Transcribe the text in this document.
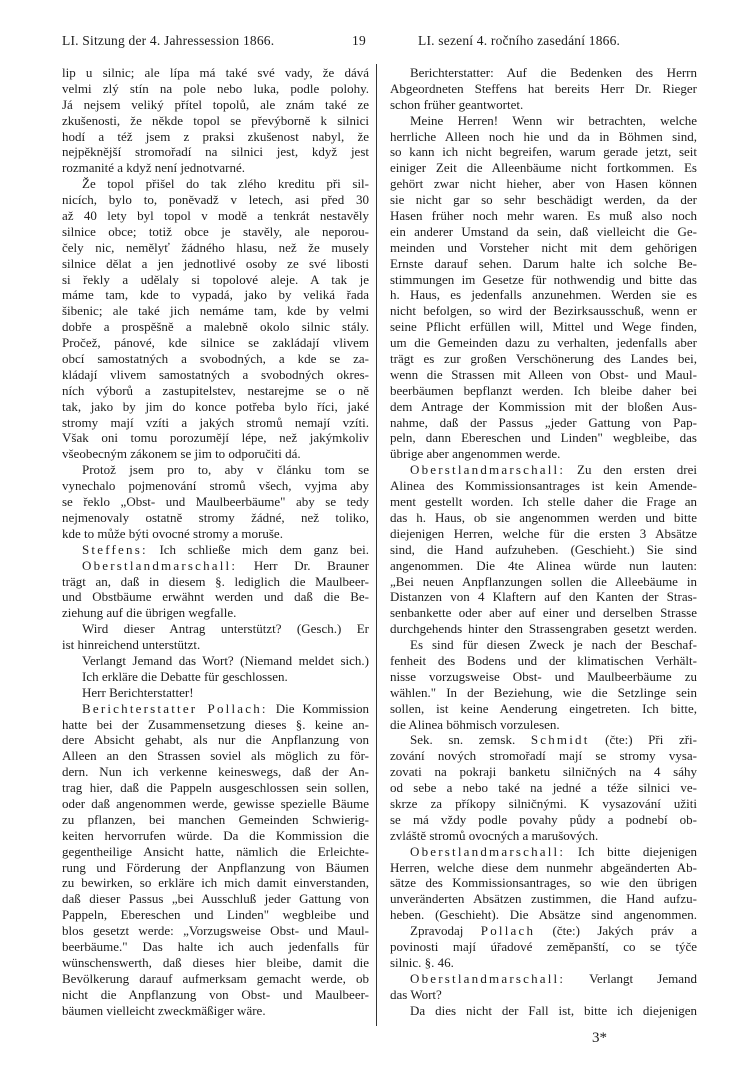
LI. Sitzung der 4. Jahressession 1866.	19	LI. sezení 4. ročního zasedání 1866.
lip u silnic; ale lípa má také své vady, že dává
velmi zlý stín na pole nebo luka, podle polohy.
Já nejsem veliký přítel topolů, ale znám také ze
zkušenosti, že někde topol se převýborně k silnici
hodí a též jsem z praksi zkušenost nabyl, že
nejpěknější stromořadí na silnici jest, když jest
rozmanité a když není jednotvarné.
Že topol přišel do tak zlého kreditu při sil-
nicích, bylo to, poněvadž v letech, asi před 30
až 40 lety byl topol v modě a tenkrát nestavěly
silnice obce; totiž obce je stavěly, ale neporou-
čely nic, nemělyť žádného hlasu, než že musely
silnice dělat a jen jednotlivé osoby ze své libosti
si řekly a udělaly si topolové aleje. A tak je
máme tam, kde to vypadá, jako by veliká řada
šibenic; ale také jich nemáme tam, kde by velmi
dobře a prospěšně a malebně okolo silnic stály.
Pročež, pánové, kde silnice se zakládají vlivem
obcí samostatných a svobodných, a kde se za-
kládají vlivem samostatných a svobodných okres-
ních výborů a zastupitelstev, nestarejme se o ně
tak, jako by jim do konce potřeba bylo říci, jaké
stromy mají vzíti a jakých stromů nemají vzíti.
Však oni tomu porozumějí lépe, než jakýmkoliv
všeobecným zákonem se jim to odporučiti dá.
Protož jsem pro to, aby v článku tom se
vynechalo pojmenování stromů všech, vyjma aby
se řeklo „Obst- und Maulbeerbäume" aby se tedy
nejmenovaly ostatně stromy žádné, než toliko,
kde to může býti ovocné stromy a moruše.
Steffens: Ich schließe mich dem ganz bei.
Oberstlandmarschall: Herr Dr. Brauner
trägt an, daß in diesem §. lediglich die Maulbeer-
und Obstbäume erwähnt werden und daß die Be-
ziehung auf die übrigen wegfalle.
Wird dieser Antrag unterstützt? (Gesch.) Er
ist hinreichend unterstützt.
Verlangt Jemand das Wort? (Niemand meldet sich.)
Ich erkläre die Debatte für geschlossen.
Herr Berichterstatter!
Berichterstatter Pollach: Die Kommission
hatte bei der Zusammensetzung dieses §. keine an-
dere Absicht gehabt, als nur die Anpflanzung von
Alleen an den Strassen soviel als möglich zu för-
dern. Nun ich verkenne keineswegs, daß der An-
trag hier, daß die Pappeln ausgeschlossen sein sollen,
oder daß angenommen werde, gewisse spezielle Bäume
zu pflanzen, bei manchen Gemeinden Schwierig-
keiten hervorrufen würde. Da die Kommission die
gegentheilige Ansicht hatte, nämlich die Erleichte-
rung und Förderung der Anpflanzung von Bäumen
zu bewirken, so erkläre ich mich damit einverstanden,
daß dieser Passus „bei Ausschluß jeder Gattung von
Pappeln, Ebereschen und Linden" wegbleibe und
blos gesetzt werde: „Vorzugsweise Obst- und Maul-
beerbäume." Das halte ich auch jedenfalls für
wünschenswerth, daß dieses hier bleibe, damit die
Bevölkerung darauf aufmerksam gemacht werde, ob
nicht die Anpflanzung von Obst- und Maulbeer-
bäumen vielleicht zweckmäßiger wäre.
Berichterstatter: Auf die Bedenken des Herrn
Abgeordneten Steffens hat bereits Herr Dr. Rieger
schon früher geantwortet.
Meine Herren! Wenn wir betrachten, welche
herrliche Alleen noch hie und da in Böhmen sind,
so kann ich nicht begreifen, warum gerade jetzt, seit
einiger Zeit die Alleenbäume nicht fortkommen. Es
gehört zwar nicht hieher, aber von Hasen können
sie nicht gar so sehr beschädigt werden, da der
Hasen früher noch mehr waren. Es muß also noch
ein anderer Umstand da sein, daß vielleicht die Ge-
meinden und Vorsteher nicht mit dem gehörigen
Ernste darauf sehen. Darum halte ich solche Be-
stimmungen im Gesetze für nothwendig und bitte das
h. Haus, es jedenfalls anzunehmen. Werden sie es
nicht befolgen, so wird der Bezirksausschuß, wenn er
seine Pflicht erfüllen will, Mittel und Wege finden,
um die Gemeinden dazu zu verhalten, jedenfalls aber
trägt es zur großen Verschönerung des Landes bei,
wenn die Strassen mit Alleen von Obst- und Maul-
beerbäumen bepflanzt werden. Ich bleibe daher bei
dem Antrage der Kommission mit der bloßen Aus-
nahme, daß der Passus „jeder Gattung von Pap-
peln, dann Ebereschen und Linden" wegbleibe, das
übrige aber angenommen werde.
Oberstlandmarschall: Zu den ersten drei
Alinea des Kommissionsantrages ist kein Amende-
ment gestellt worden. Ich stelle daher die Frage an
das h. Haus, ob sie angenommen werden und bitte
diejenigen Herren, welche für die ersten 3 Absätze
sind, die Hand aufzuheben. (Geschieht.) Sie sind
angenommen. Die 4te Alinea würde nun lauten:
„Bei neuen Anpflanzungen sollen die Alleebäume in
Distanzen von 4 Klaftern auf den Kanten der Stras-
senbankette oder aber auf einer und derselben Strasse
durchgehends hinter den Strassengraben gesetzt werden.
Es sind für diesen Zweck je nach der Beschaf-
fenheit des Bodens und der klimatischen Verhält-
nisse vorzugsweise Obst- und Maulbeerbäume zu
wählen." In der Beziehung, wie die Setzlinge sein
sollen, ist keine Aenderung eingetreten. Ich bitte,
die Alinea böhmisch vorzulesen.
Sek. sn. zemsk. Schmidt (čte:) Při zři-
zování nových stromořadí mají se stromy vysa-
zovati na pokraji banketu silničných na 4 sáhy
od sebe a nebo také na jedné a téže silnici ve-
skrze za příkopy silničnými. K vysazování užiti
se má vždy podle povahy půdy a podnebí ob-
zvláště stromů ovocných a marušových.
Oberstlandmarschall: Ich bitte diejenigen
Herren, welche diese dem nunmehr abgeänderten Ab-
sätze des Kommissionsantrages, so wie den übrigen
unveränderten Absätzen zustimmen, die Hand aufzu-
heben. (Geschieht). Die Absätze sind angenommen.
Zpravodaj Pollach (čte:) Jakých práv a
povinosti mají úřadové zeměpanští, co se týče
silnic. §. 46.
Oberstlandmarschall: Verlangt Jemand
das Wort?
Da dies nicht der Fall ist, bitte ich diejenigen
3*
